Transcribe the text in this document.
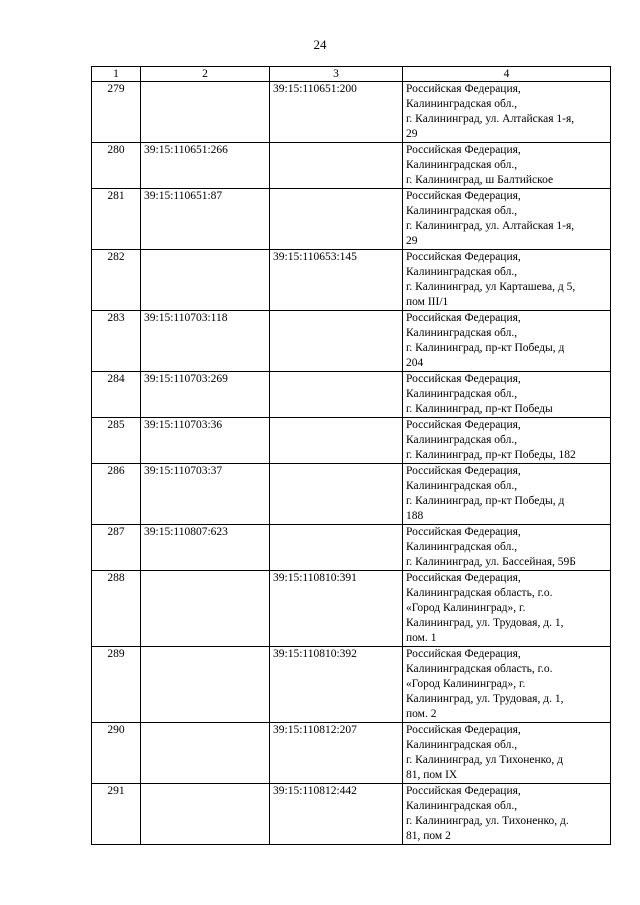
24
1	2	3	4
279		39:15:110651:200	Российская Федерация,
Калининградская обл.,
г. Калининград, ул. Алтайская 1-я,
29

280	39:15:110651:266		Российская Федерация,
Калининградская обл.,
г. Калининград, ш Балтийское

281	39:15:110651:87		Российская Федерация,
Калининградская обл.,
г. Калининград, ул. Алтайская 1-я,
29

282		39:15:110653:145	Российская Федерация,
Калининградская обл.,
г. Калининград, ул Карташева, д 5,
пом III/1

283	39:15:110703:118		Российская Федерация,
Калининградская обл.,
г. Калининград, пр-кт Победы, д
204

284	39:15:110703:269		Российская Федерация,
Калининградская обл.,
г. Калининград, пр-кт Победы

285	39:15:110703:36		Российская Федерация,
Калининградская обл.,
г. Калининград, пр-кт Победы, 182

286	39:15:110703:37		Российская Федерация,
Калининградская обл.,
г. Калининград, пр-кт Победы, д
188

287	39:15:110807:623		Российская Федерация,
Калининградская обл.,
г. Калининград, ул. Бассейная, 59Б

288		39:15:110810:391	Российская Федерация,
Калининградская область, г.о.
«Город Калининград», г.
Калининград, ул. Трудовая, д. 1,
пом. 1

289		39:15:110810:392	Российская Федерация,
Калининградская область, г.о.
«Город Калининград», г.
Калининград, ул. Трудовая, д. 1,
пом. 2

290		39:15:110812:207	Российская Федерация,
Калининградская обл.,
г. Калининград, ул Тихоненко, д
81, пом IX

291		39:15:110812:442	Российская Федерация,
Калининградская обл.,
г. Калининград, ул. Тихоненко, д.
81, пом 2
